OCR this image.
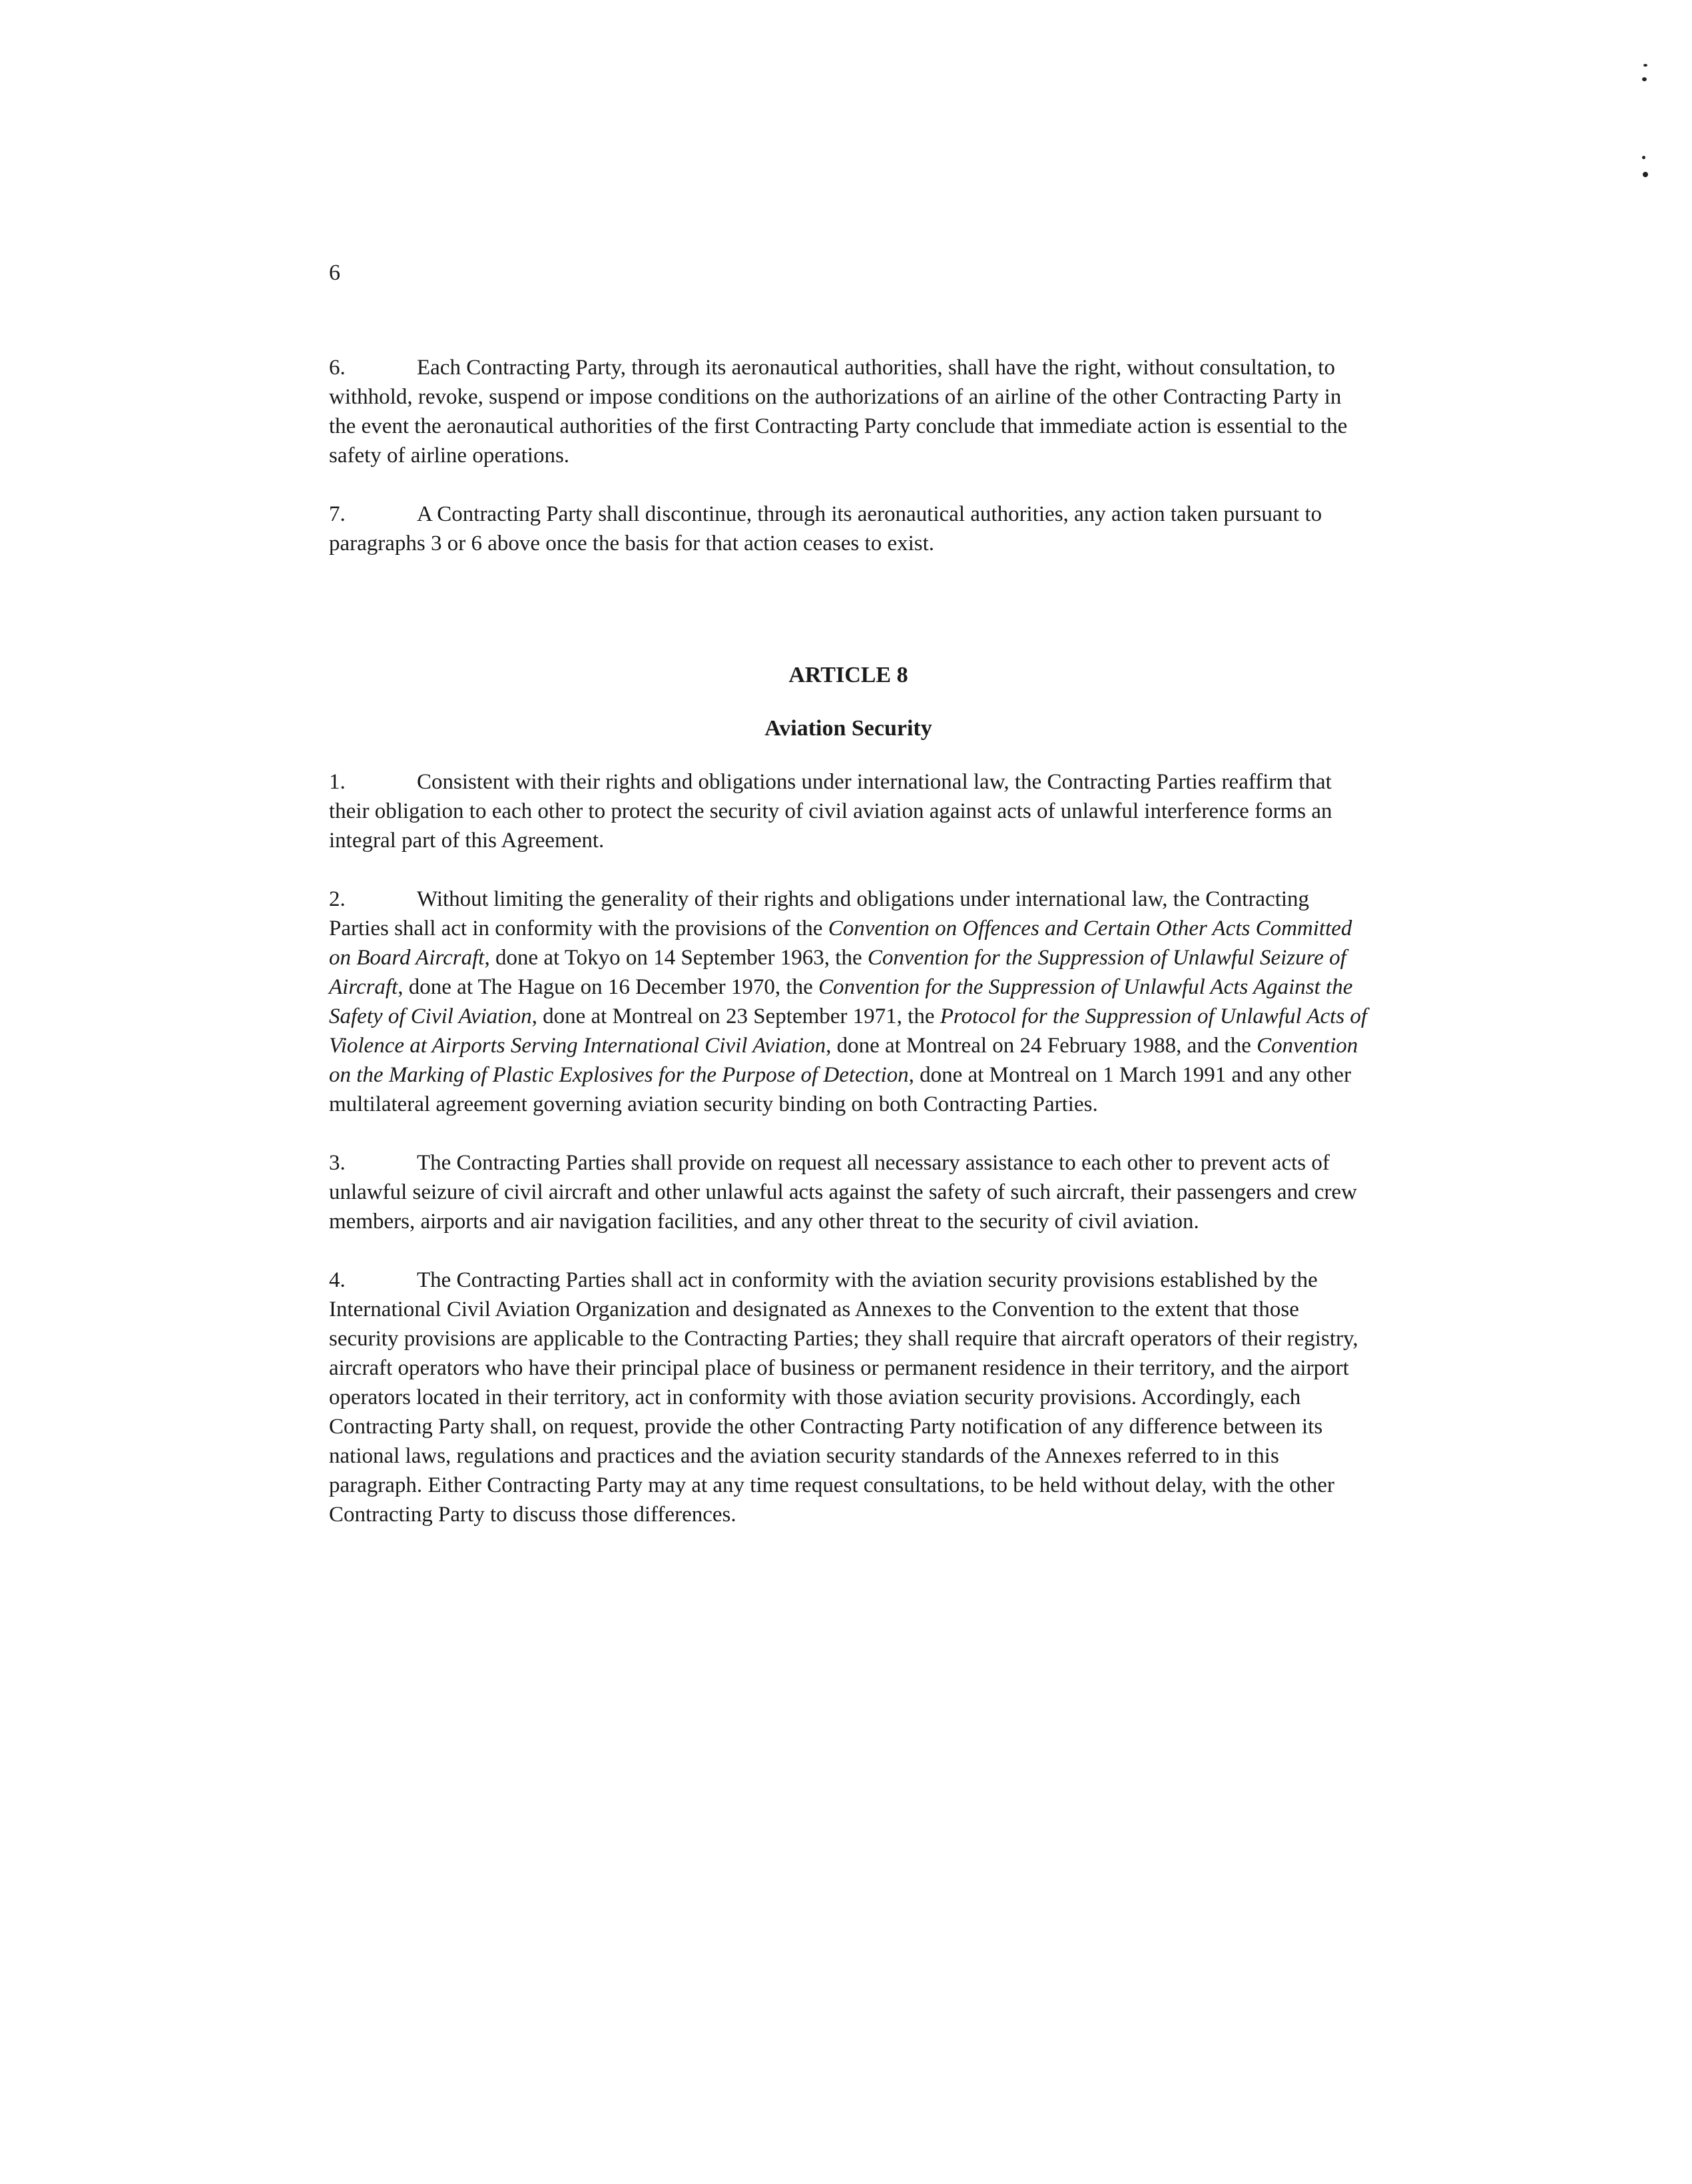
6

6.	Each Contracting Party, through its aeronautical authorities, shall have the right, without consultation, to withhold, revoke, suspend or impose conditions on the authorizations of an airline of the other Contracting Party in the event the aeronautical authorities of the first Contracting Party conclude that immediate action is essential to the safety of airline operations.

7.	A Contracting Party shall discontinue, through its aeronautical authorities, any action taken pursuant to paragraphs 3 or 6 above once the basis for that action ceases to exist.

ARTICLE 8
Aviation Security

1.	Consistent with their rights and obligations under international law, the Contracting Parties reaffirm that their obligation to each other to protect the security of civil aviation against acts of unlawful interference forms an integral part of this Agreement.

2.	Without limiting the generality of their rights and obligations under international law, the Contracting Parties shall act in conformity with the provisions of the Convention on Offences and Certain Other Acts Committed on Board Aircraft, done at Tokyo on 14 September 1963, the Convention for the Suppression of Unlawful Seizure of Aircraft, done at The Hague on 16 December 1970, the Convention for the Suppression of Unlawful Acts Against the Safety of Civil Aviation, done at Montreal on 23 September 1971, the Protocol for the Suppression of Unlawful Acts of Violence at Airports Serving International Civil Aviation, done at Montreal on 24 February 1988, and the Convention on the Marking of Plastic Explosives for the Purpose of Detection, done at Montreal on 1 March 1991 and any other multilateral agreement governing aviation security binding on both Contracting Parties.

3.	The Contracting Parties shall provide on request all necessary assistance to each other to prevent acts of unlawful seizure of civil aircraft and other unlawful acts against the safety of such aircraft, their passengers and crew members, airports and air navigation facilities, and any other threat to the security of civil aviation.

4.	The Contracting Parties shall act in conformity with the aviation security provisions established by the International Civil Aviation Organization and designated as Annexes to the Convention to the extent that those security provisions are applicable to the Contracting Parties; they shall require that aircraft operators of their registry, aircraft operators who have their principal place of business or permanent residence in their territory, and the airport operators located in their territory, act in conformity with those aviation security provisions. Accordingly, each Contracting Party shall, on request, provide the other Contracting Party notification of any difference between its national laws, regulations and practices and the aviation security standards of the Annexes referred to in this paragraph. Either Contracting Party may at any time request consultations, to be held without delay, with the other Contracting Party to discuss those differences.
